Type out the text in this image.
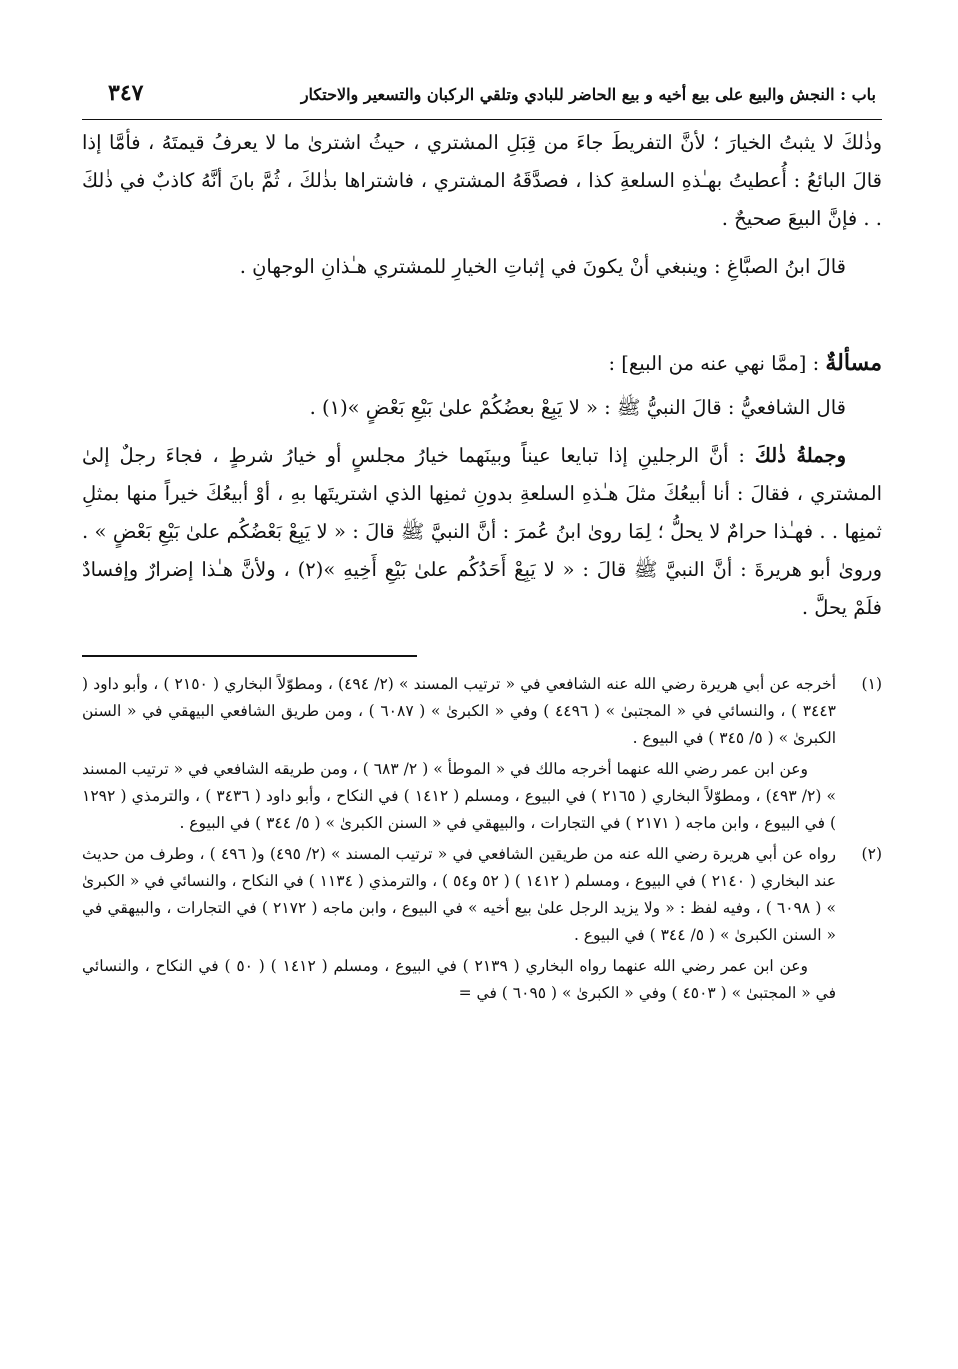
باب : النجش والبيع على بيع أخيه و بيع الحاضر للبادي وتلقي الركبان والتسعير والاحتكار
٣٤٧

وذٰلكَ لا يثبتُ الخيارَ ؛ لأنَّ التفريطَ جاءَ من قِبَلِ المشتري ، حيثُ اشترىٰ ما لا يعرفُ قيمتَهُ ، فأمَّا إذا قالَ البائعُ : أُعطيتُ بهـٰذهِ السلعةِ كذا ، فصدَّقَهُ المشتري ، فاشتراها بذٰلكَ ، ثُمَّ بانَ أنَّهُ كاذبٌ في ذٰلكَ . . فإنَّ البيعَ صحيحٌ .

قالَ ابنُ الصبَّاغِ : وينبغي أنْ يكونَ في إثباتِ الخيارِ للمشتري هـٰذانِ الوجهانِ .

مسألةٌ : [ممَّا نهي عنه من البيع] :

قال الشافعيُّ : قالَ النبيُّ ﷺ : « لا يَبِعْ بعضُكُمْ علىٰ بَيْعِ بَعْضٍ »(١) .

وجملةُ ذٰلكَ : أنَّ الرجلينِ إذا تبايعا عيناً وبينَهما خيارُ مجلسٍ أو خيارُ شرطٍ ، فجاءَ رجلٌ إلىٰ المشتري ، فقالَ : أنا أبيعُكَ مثلَ هـٰذهِ السلعةِ بدونِ ثمنِها الذي اشتريتَها بهِ ، أوْ أبيعُكَ خيراً منها بمثلِ ثمنِها . . فهـٰذا حرامٌ لا يحلُّ ؛ لِمَا روىٰ ابنُ عُمرَ : أنَّ النبيَّ ﷺ قالَ : « لا يَبِعْ بَعْضُكُم علىٰ بَيْعِ بَعْضٍ » . ورویٰ أبو هريرةَ : أنَّ النبيَّ ﷺ قالَ : « لا يَبِعْ أَحَدُكُم علىٰ بَيْعِ أَخِيهِ »(٢) ، ولأنَّ هـٰذا إضرارٌ وإفسادٌ فلَمْ يحلَّ .

(١)

أخرجه عن أبي هريرة رضي الله عنه الشافعي في « ترتيب المسند » (٢/ ٤٩٤) ، ومطوّلاً البخاري ( ٢١٥٠ ) ، وأبو داود ( ٣٤٤٣ ) ، والنسائي في « المجتبىٰ » ( ٤٤٩٦ ) وفي « الكبرىٰ » ( ٦٠٨٧ ) ، ومن طريق الشافعي البيهقي في « السنن الكبرىٰ » ( ٥/ ٣٤٥ ) في البيوع .

وعن ابن عمر رضي الله عنهما أخرجه مالك في « الموطأ » ( ٢/ ٦٨٣ ) ، ومن طريقه الشافعي في « ترتيب المسند » (٢/ ٤٩٣) ، ومطوّلاً البخاري ( ٢١٦٥ ) في البيوع ، ومسلم ( ١٤١٢ ) في النكاح ، وأبو داود ( ٣٤٣٦ ) ، والترمذي ( ١٢٩٢ ) في البيوع ، وابن ماجه ( ٢١٧١ ) في التجارات ، والبيهقي في « السنن الكبرىٰ » ( ٥/ ٣٤٤ ) في البيوع .

(٢)

رواه عن أبي هريرة رضي الله عنه من طريقين الشافعي في « ترتيب المسند » (٢/ ٤٩٥) و( ٤٩٦ ) ، وطرف من حديث عند البخاري ( ٢١٤٠ ) في البيوع ، ومسلم ( ١٤١٢ ) ( ٥٢ و٥٤ ) ، والترمذي ( ١١٣٤ ) في النكاح ، والنسائي في « الكبرىٰ » ( ٦٠٩٨ ) ، وفيه لفظ : « ولا يزيد الرجل علىٰ بيع أخيه » في البيوع ، وابن ماجه ( ٢١٧٢ ) في التجارات ، والبيهقي في « السنن الكبرىٰ » ( ٥/ ٣٤٤ ) في البيوع .

وعن ابن عمر رضي الله عنهما رواه البخاري ( ٢١٣٩ ) في البيوع ، ومسلم ( ١٤١٢ ) ( ٥٠ ) في النكاح ، والنسائي في « المجتبىٰ » ( ٤٥٠٣ ) وفي « الكبرىٰ » ( ٦٠٩٥ ) في =
